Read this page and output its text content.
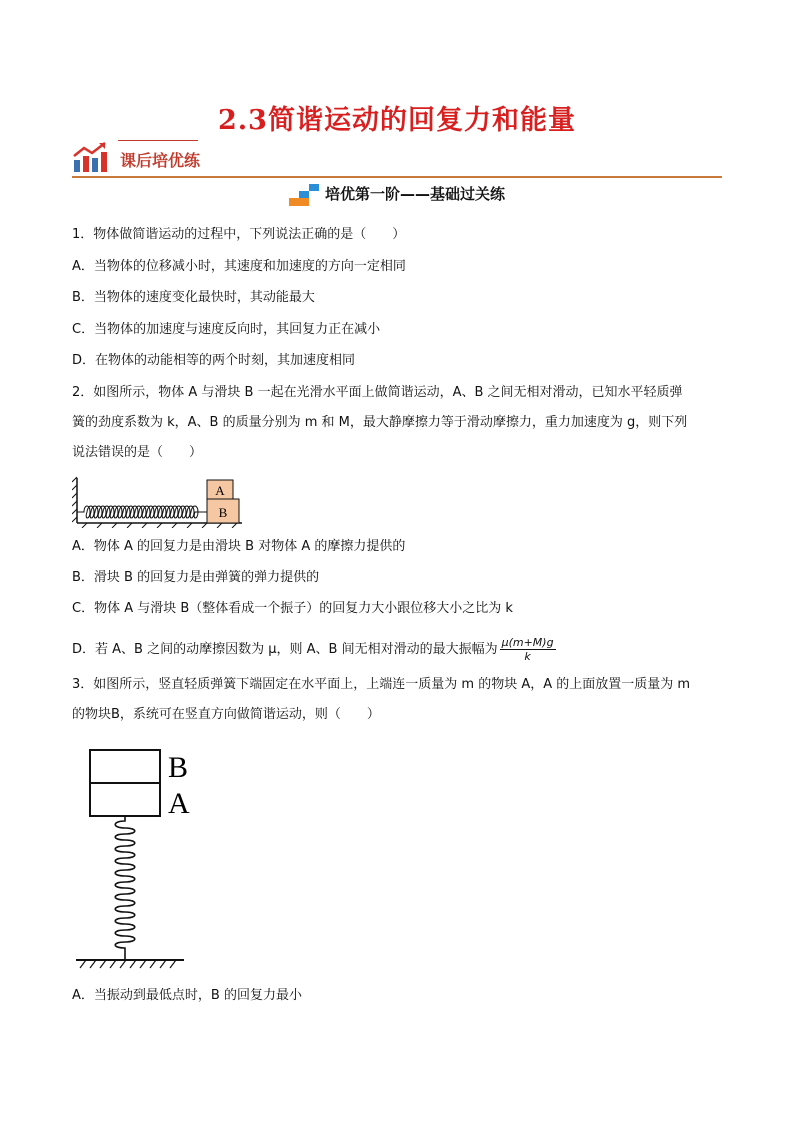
2.3简谐运动的回复力和能量
课后培优练
培优第一阶——基础过关练
1．物体做简谐运动的过程中，下列说法正确的是（　　）
A．当物体的位移减小时，其速度和加速度的方向一定相同
B．当物体的速度变化最快时，其动能最大
C．当物体的加速度与速度反向时，其回复力正在减小
D．在物体的动能相等的两个时刻，其加速度相同
2．如图所示，物体 A 与滑块 B 一起在光滑水平面上做简谐运动，A、B 之间无相对滑动，已知水平轻质弹
簧的劲度系数为 k，A、B 的质量分别为 m 和 M，最大静摩擦力等于滑动摩擦力，重力加速度为 g，则下列
说法错误的是（　　）
A
B
A．物体 A 的回复力是由滑块 B 对物体 A 的摩擦力提供的
B．滑块 B 的回复力是由弹簧的弹力提供的
C．物体 A 与滑块 B（整体看成一个振子）的回复力大小跟位移大小之比为 k
D．若 A、B 之间的动摩擦因数为 μ，则 A、B 间无相对滑动的最大振幅为 $\frac{\mu(m+M)g}{k}$
3．如图所示，竖直轻质弹簧下端固定在水平面上，上端连一质量为 m 的物块 A，A 的上面放置一质量为 m
的物块B，系统可在竖直方向做简谐运动，则（　　）
B
A
A．当振动到最低点时，B 的回复力最小
